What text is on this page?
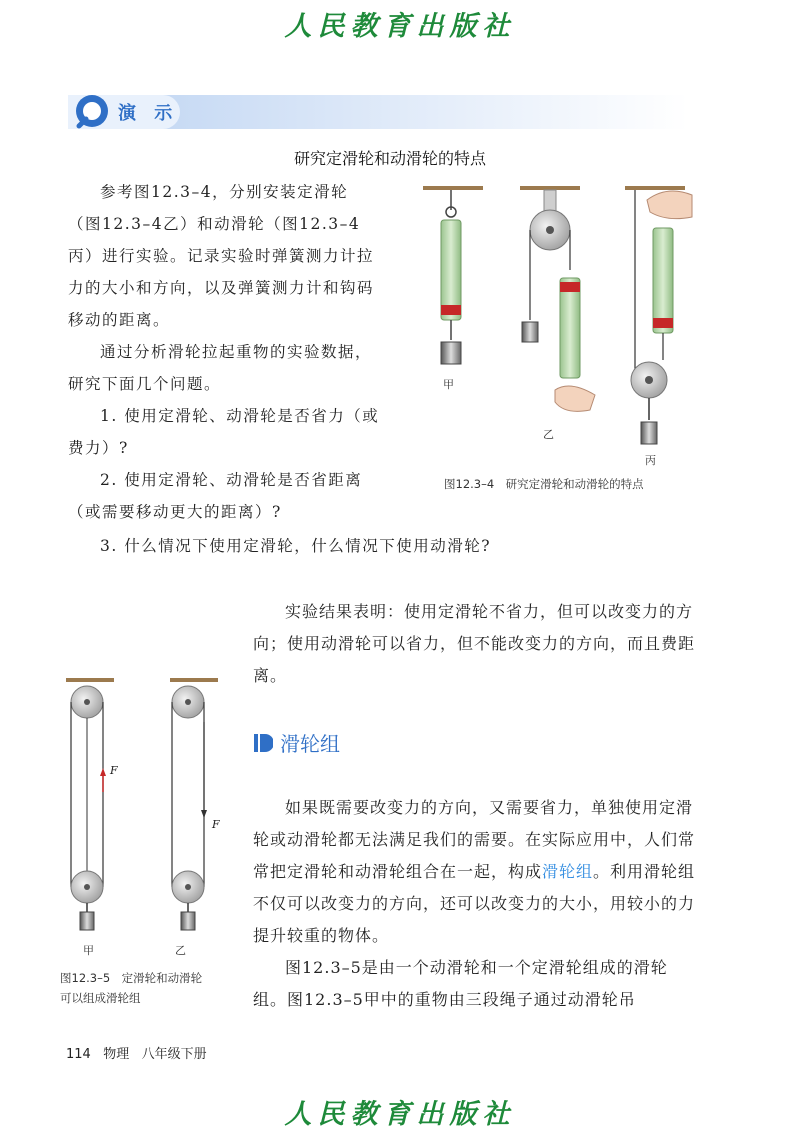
人民教育出版社
演 示
研究定滑轮和动滑轮的特点

参考图12.3–4，分别安装定滑轮（图12.3–4乙）和动滑轮（图12.3–4丙）进行实验。记录实验时弹簧测力计拉力的大小和方向，以及弹簧测力计和钩码移动的距离。

通过分析滑轮拉起重物的实验数据，研究下面几个问题。

1. 使用定滑轮、动滑轮是否省力（或费力）?

2. 使用定滑轮、动滑轮是否省距离（或需要移动更大的距离）?

3. 什么情况下使用定滑轮，什么情况下使用动滑轮?

甲
乙
丙
图12.3–4　研究定滑轮和动滑轮的特点

实验结果表明：使用定滑轮不省力，但可以改变力的方向；使用动滑轮可以省力，但不能改变力的方向，而且费距离。

滑轮组

如果既需要改变力的方向，又需要省力，单独使用定滑轮或动滑轮都无法满足我们的需要。在实际应用中，人们常常把定滑轮和动滑轮组合在一起，构成滑轮组。利用滑轮组不仅可以改变力的方向，还可以改变力的大小，用较小的力提升较重的物体。

图12.3–5是由一个动滑轮和一个定滑轮组成的滑轮组。图12.3–5甲中的重物由三段绳子通过动滑轮吊

F
F
甲	乙
图12.3–5　定滑轮和动滑轮
可以组成滑轮组
114 物理 八年级下册
人民教育出版社
